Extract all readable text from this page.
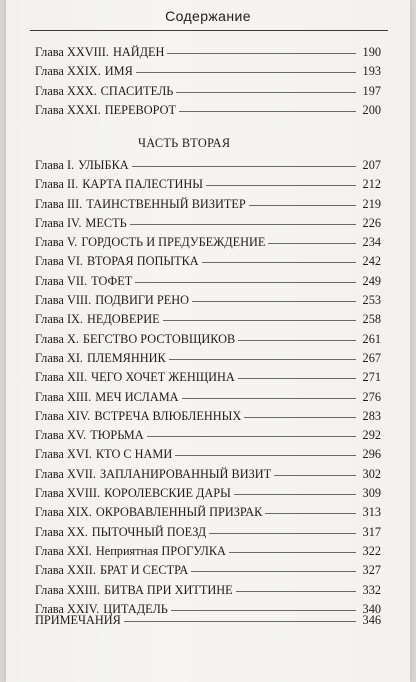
Содержание
Глава XXVIII. НАЙДЕН	190
Глава XXIX. ИМЯ	193
Глава XXX. СПАСИТЕЛЬ	197
Глава XXXI. ПЕРЕВОРОТ	200
ЧАСТЬ ВТОРАЯ
Глава I. УЛЫБКА	207
Глава II. КАРТА ПАЛЕСТИНЫ	212
Глава III. ТАИНСТВЕННЫЙ ВИЗИТЕР	219
Глава IV. МЕСТЬ	226
Глава V. ГОРДОСТЬ И ПРЕДУБЕЖДЕНИЕ	234
Глава VI. ВТОРАЯ ПОПЫТКА	242
Глава VII. ТОФЕТ	249
Глава VIII. ПОДВИГИ РЕНО	253
Глава IX. НЕДОВЕРИЕ	258
Глава X. БЕГСТВО РОСТОВЩИКОВ	261
Глава XI. ПЛЕМЯННИК	267
Глава XII. ЧЕГО ХОЧЕТ ЖЕНЩИНА	271
Глава XIII. МЕЧ ИСЛАМА	276
Глава XIV. ВСТРЕЧА ВЛЮБЛЕННЫХ	283
Глава XV. ТЮРЬМА	292
Глава XVI. КТО С НАМИ	296
Глава XVII. ЗАПЛАНИРОВАННЫЙ ВИЗИТ	302
Глава XVIII. КОРОЛЕВСКИЕ ДАРЫ	309
Глава XIX. ОКРОВАВЛЕННЫЙ ПРИЗРАК	313
Глава XX. ПЫТОЧНЫЙ ПОЕЗД	317
Глава XXI. Неприятная ПРОГУЛКА	322
Глава XXII. БРАТ И СЕСТРА	327
Глава XXIII. БИТВА ПРИ ХИТТИНЕ	332
Глава XXIV. ЦИТАДЕЛЬ	340
ПРИМЕЧАНИЯ	346
